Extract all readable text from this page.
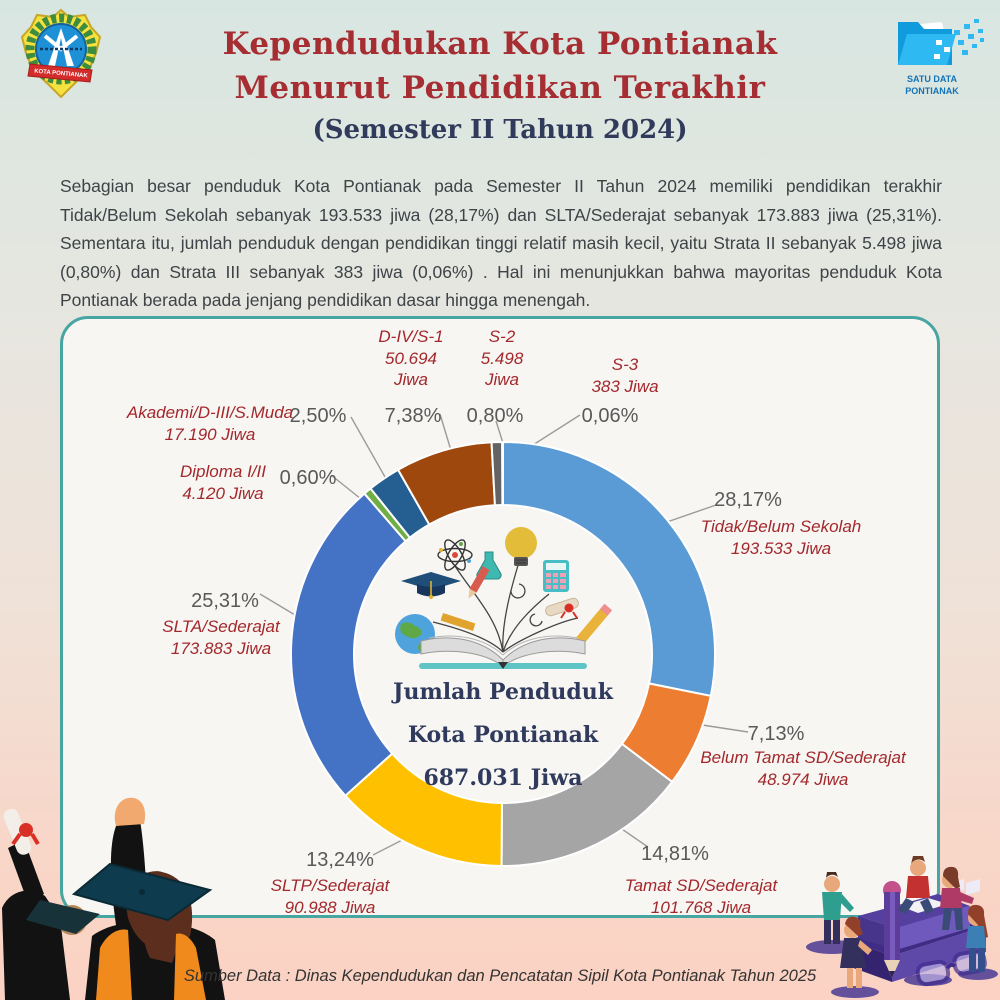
KOTA PONTIANAK	SATU DATA
PONTIANAK
Kependudukan Kota Pontianak
Menurut Pendidikan Terakhir
(Semester II Tahun 2024)
Sebagian besar penduduk Kota Pontianak pada Semester II Tahun 2024 memiliki pendidikan terakhir Tidak/Belum Sekolah sebanyak 193.533 jiwa (28,17%) dan SLTA/Sederajat sebanyak 173.883 jiwa (25,31%). Sementara itu, jumlah penduduk dengan pendidikan tinggi relatif masih kecil, yaitu Strata II sebanyak 5.498 jiwa (0,80%) dan Strata III sebanyak 383 jiwa (0,06%) . Hal ini menunjukkan bahwa mayoritas penduduk Kota Pontianak berada pada jenjang pendidikan dasar hingga menengah.
Jumlah Penduduk
Kota Pontianak
687.031 Jiwa
28,17%
7,13%
14,81%
13,24%
25,31%
0,60%
2,50% 7,38% 0,80%	0,06%
Tidak/Belum Sekolah
193.533 Jiwa
Belum Tamat SD/Sederajat
48.974 Jiwa
Tamat SD/Sederajat
101.768 Jiwa
SLTP/Sederajat
90.988 Jiwa
SLTA/Sederajat
173.883 Jiwa
Diploma I/II
4.120 Jiwa
Akademi/D-III/S.Muda
17.190 Jiwa
D-IV/S-1
50.694
Jiwa
S-2
5.498
Jiwa
S-3
383 Jiwa
Sumber Data : Dinas Kependudukan dan Pencatatan Sipil Kota Pontianak Tahun 2025
